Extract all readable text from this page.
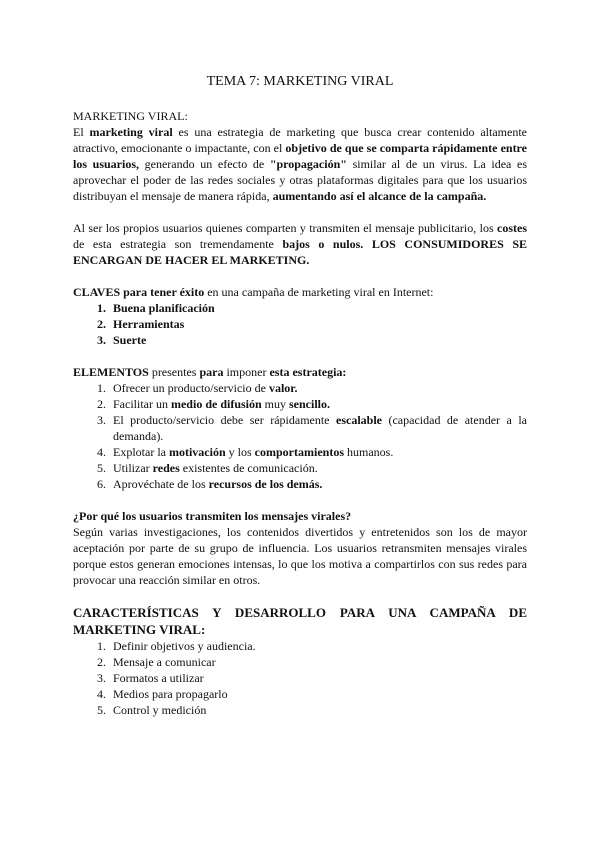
TEMA 7: MARKETING VIRAL

MARKETING VIRAL:

El marketing viral es una estrategia de marketing que busca crear contenido altamente atractivo, emocionante o impactante, con el objetivo de que se comparta rápidamente entre los usuarios, generando un efecto de "propagación" similar al de un virus. La idea es aprovechar el poder de las redes sociales y otras plataformas digitales para que los usuarios distribuyan el mensaje de manera rápida, aumentando así el alcance de la campaña.

Al ser los propios usuarios quienes comparten y transmiten el mensaje publicitario, los costes de esta estrategia son tremendamente bajos o nulos. LOS CONSUMIDORES SE ENCARGAN DE HACER EL MARKETING.

CLAVES para tener éxito en una campaña de marketing viral en Internet:

1. Buena planificación
2. Herramientas
3. Suerte

ELEMENTOS presentes para imponer esta estrategia:

1. Ofrecer un producto/servicio de valor.
2. Facilitar un medio de difusión muy sencillo.
3. El producto/servicio debe ser rápidamente escalable (capacidad de atender a la demanda).
4. Explotar la motivación y los comportamientos humanos.
5. Utilizar redes existentes de comunicación.
6. Aprovéchate de los recursos de los demás.

¿Por qué los usuarios transmiten los mensajes virales?

Según varias investigaciones, los contenidos divertidos y entretenidos son los de mayor aceptación por parte de su grupo de influencia. Los usuarios retransmiten mensajes virales porque estos generan emociones intensas, lo que los motiva a compartirlos con sus redes para provocar una reacción similar en otros.

CARACTERÍSTICAS Y DESARROLLO PARA UNA CAMPAÑA DE MARKETING VIRAL:

1. Definir objetivos y audiencia.
2. Mensaje a comunicar
3. Formatos a utilizar
4. Medios para propagarlo
5. Control y medición
